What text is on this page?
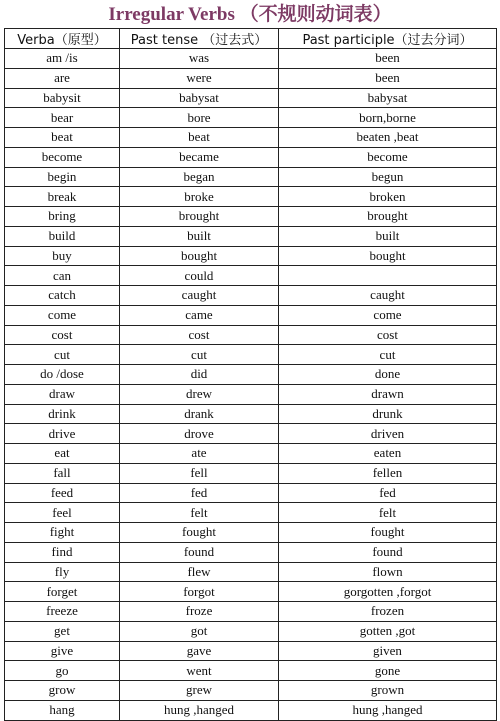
Irregular Verbs （不规则动词表）
Verba（原型）	Past tense （过去式）	Past participle（过去分词）
am /is	was	been
are	were	been
babysit	babysat	babysat
bear	bore	born,borne
beat	beat	beaten ,beat
become	became	become
begin	began	begun
break	broke	broken
bring	brought	brought
build	built	built
buy	bought	bought
can	could	
catch	caught	caught
come	came	come
cost	cost	cost
cut	cut	cut
do /dose	did	done
draw	drew	drawn
drink	drank	drunk
drive	drove	driven
eat	ate	eaten
fall	fell	fellen
feed	fed	fed
feel	felt	felt
fight	fought	fought
find	found	found
fly	flew	flown
forget	forgot	gorgotten ,forgot
freeze	froze	frozen
get	got	gotten ,got
give	gave	given
go	went	gone
grow	grew	grown
hang	hung ,hanged	hung ,hanged
